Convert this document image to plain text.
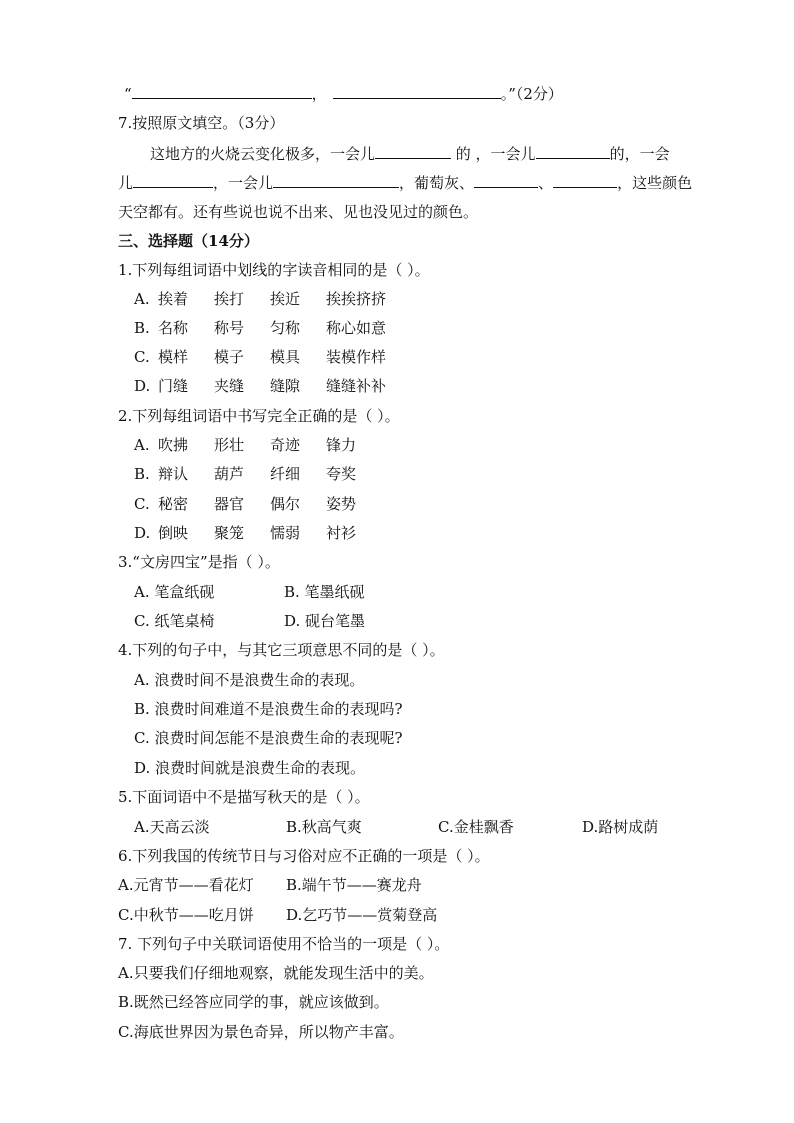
“	，	。”（2分）
7.按照原文填空。（3分）
这地方的火烧云变化极多，一会儿	的 ，一会儿	的，一会
儿	，一会儿	，葡萄灰、	、	，这些颜色
天空都有。还有些说也说不出来、见也没见过的颜色。
三、选择题（14分）
1.下列每组词语中划线的字读音相同的是（ ）。
A. 挨着 挨打 挨近 挨挨挤挤
B. 名称 称号 匀称 称心如意
C. 模样 模子 模具 装模作样
D. 门缝 夹缝 缝隙 缝缝补补
2.下列每组词语中书写完全正确的是（ ）。
A. 吹拂 形壮 奇迹 锋力
B. 辩认 葫芦 纤细 夸奖
C. 秘密 器官 偶尔 姿势
D. 倒映 聚笼 懦弱 衬衫
3.“文房四宝”是指（ ）。
A. 笔盒纸砚	B. 笔墨纸砚
C. 纸笔桌椅	D. 砚台笔墨
4.下列的句子中，与其它三项意思不同的是（ ）。
A. 浪费时间不是浪费生命的表现。
B. 浪费时间难道不是浪费生命的表现吗?
C. 浪费时间怎能不是浪费生命的表现呢?
D. 浪费时间就是浪费生命的表现。
5.下面词语中不是描写秋天的是（ ）。
A.天高云淡	B.秋高气爽	C.金桂飘香	D.路树成荫
6.下列我国的传统节日与习俗对应不正确的一项是（ ）。
A.元宵节——看花灯 B.端午节——赛龙舟
C.中秋节——吃月饼 D.乞巧节——赏菊登高
7. 下列句子中关联词语使用不恰当的一项是（ ）。
A.只要我们仔细地观察，就能发现生活中的美。
B.既然已经答应同学的事，就应该做到。
C.海底世界因为景色奇异，所以物产丰富。
